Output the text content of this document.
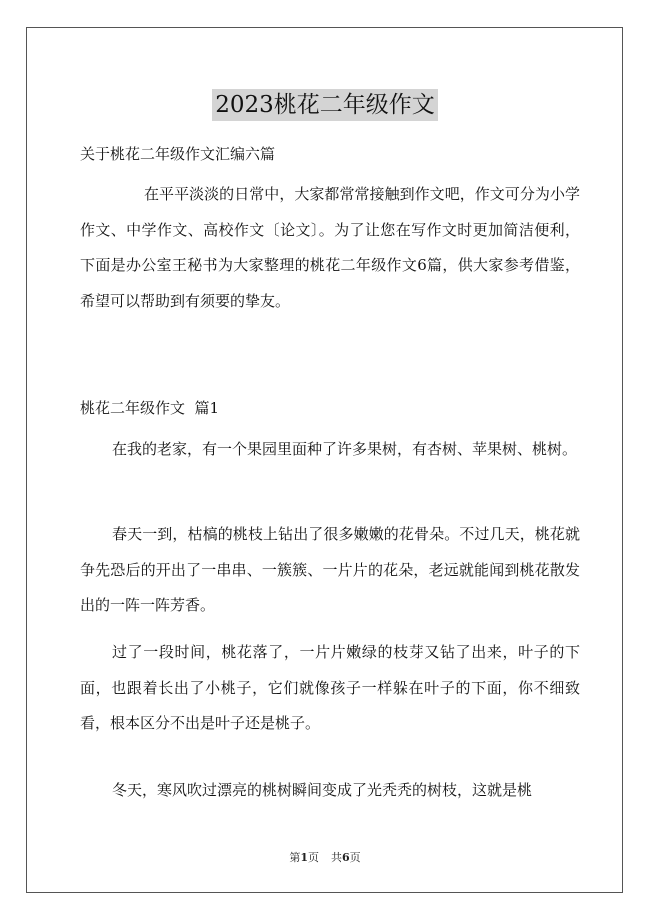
2023桃花二年级作文

关于桃花二年级作文汇编六篇

在平平淡淡的日常中，大家都常常接触到作文吧，作文可分为小学作文、中学作文、高校作文〔论文〕。为了让您在写作文时更加简洁便利，下面是办公室王秘书为大家整理的桃花二年级作文6篇，供大家参考借鉴，希望可以帮助到有须要的挚友。

桃花二年级作文  篇1

在我的老家，有一个果园里面种了许多果树，有杏树、苹果树、桃树。

春天一到，枯槁的桃枝上钻出了很多嫩嫩的花骨朵。不过几天，桃花就争先恐后的开出了一串串、一簇簇、一片片的花朵，老远就能闻到桃花散发出的一阵一阵芳香。

过了一段时间，桃花落了，一片片嫩绿的枝芽又钻了出来，叶子的下面，也跟着长出了小桃子，它们就像孩子一样躲在叶子的下面，你不细致看，根本区分不出是叶子还是桃子。

冬天，寒风吹过漂亮的桃树瞬间变成了光秃秃的树枝，这就是桃

第1页 共6页
